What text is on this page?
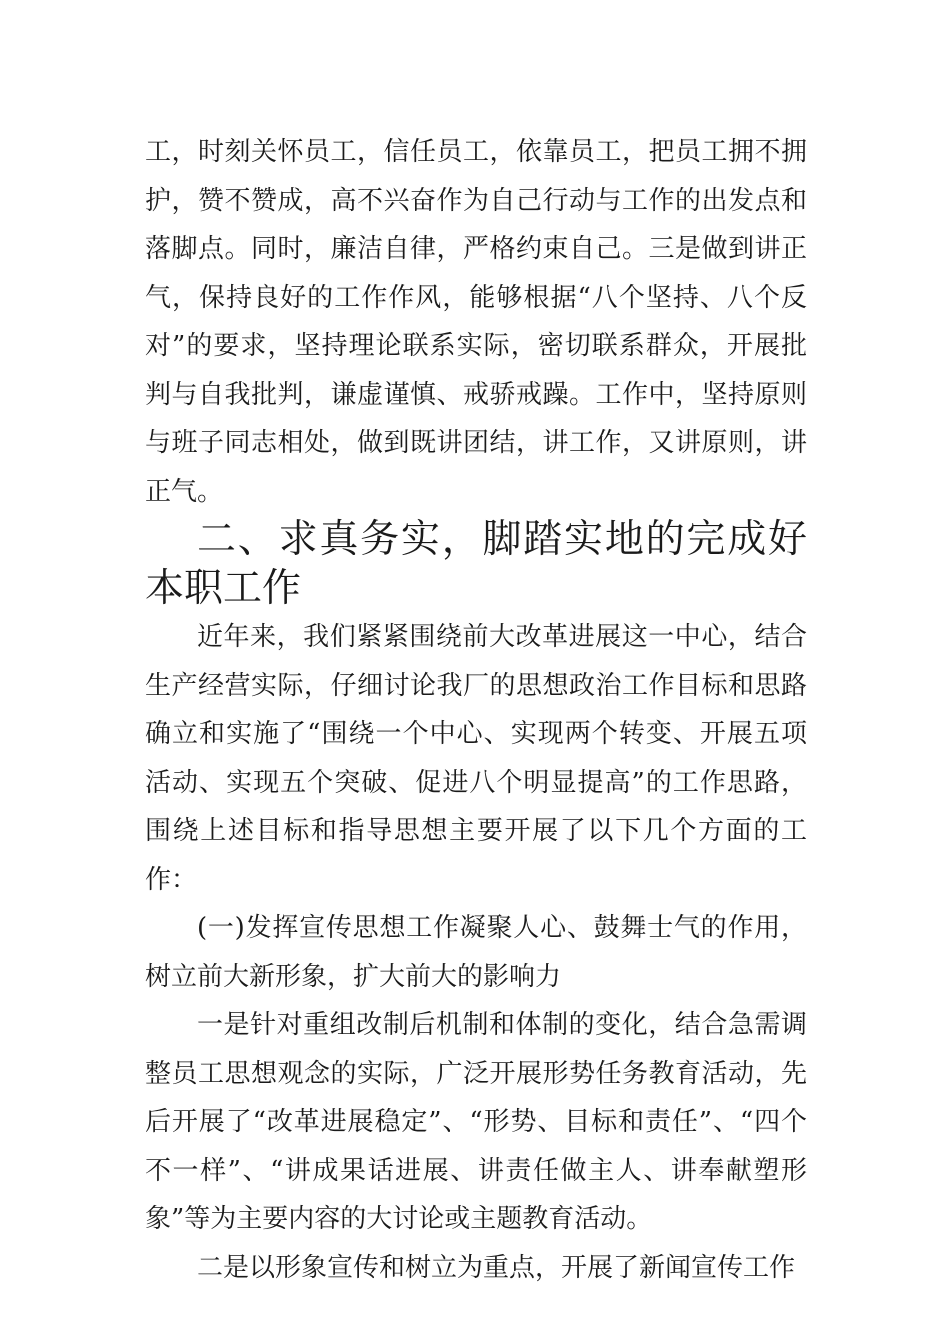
工，时刻关怀员工，信任员工，依靠员工，把员工拥不拥护，赞不赞成，高不兴奋作为自己行动与工作的出发点和落脚点。同时，廉洁自律，严格约束自己。三是做到讲正气，保持良好的工作作风，能够根据“八个坚持、八个反对”的要求，坚持理论联系实际，密切联系群众，开展批判与自我批判，谦虚谨慎、戒骄戒躁。工作中，坚持原则与班子同志相处，做到既讲团结，讲工作，又讲原则，讲正气。

二、求真务实，脚踏实地的完成好本职工作

近年来，我们紧紧围绕前大改革进展这一中心，结合生产经营实际，仔细讨论我厂的思想政治工作目标和思路确立和实施了“围绕一个中心、实现两个转变、开展五项活动、实现五个突破、促进八个明显提高”的工作思路，围绕上述目标和指导思想主要开展了以下几个方面的工作：

(一)发挥宣传思想工作凝聚人心、鼓舞士气的作用，树立前大新形象，扩大前大的影响力

一是针对重组改制后机制和体制的变化，结合急需调整员工思想观念的实际，广泛开展形势任务教育活动，先后开展了“改革进展稳定”、“形势、目标和责任”、“四个不一样”、“讲成果话进展、讲责任做主人、讲奉献塑形象”等为主要内容的大讨论或主题教育活动。

二是以形象宣传和树立为重点，开展了新闻宣传工作
